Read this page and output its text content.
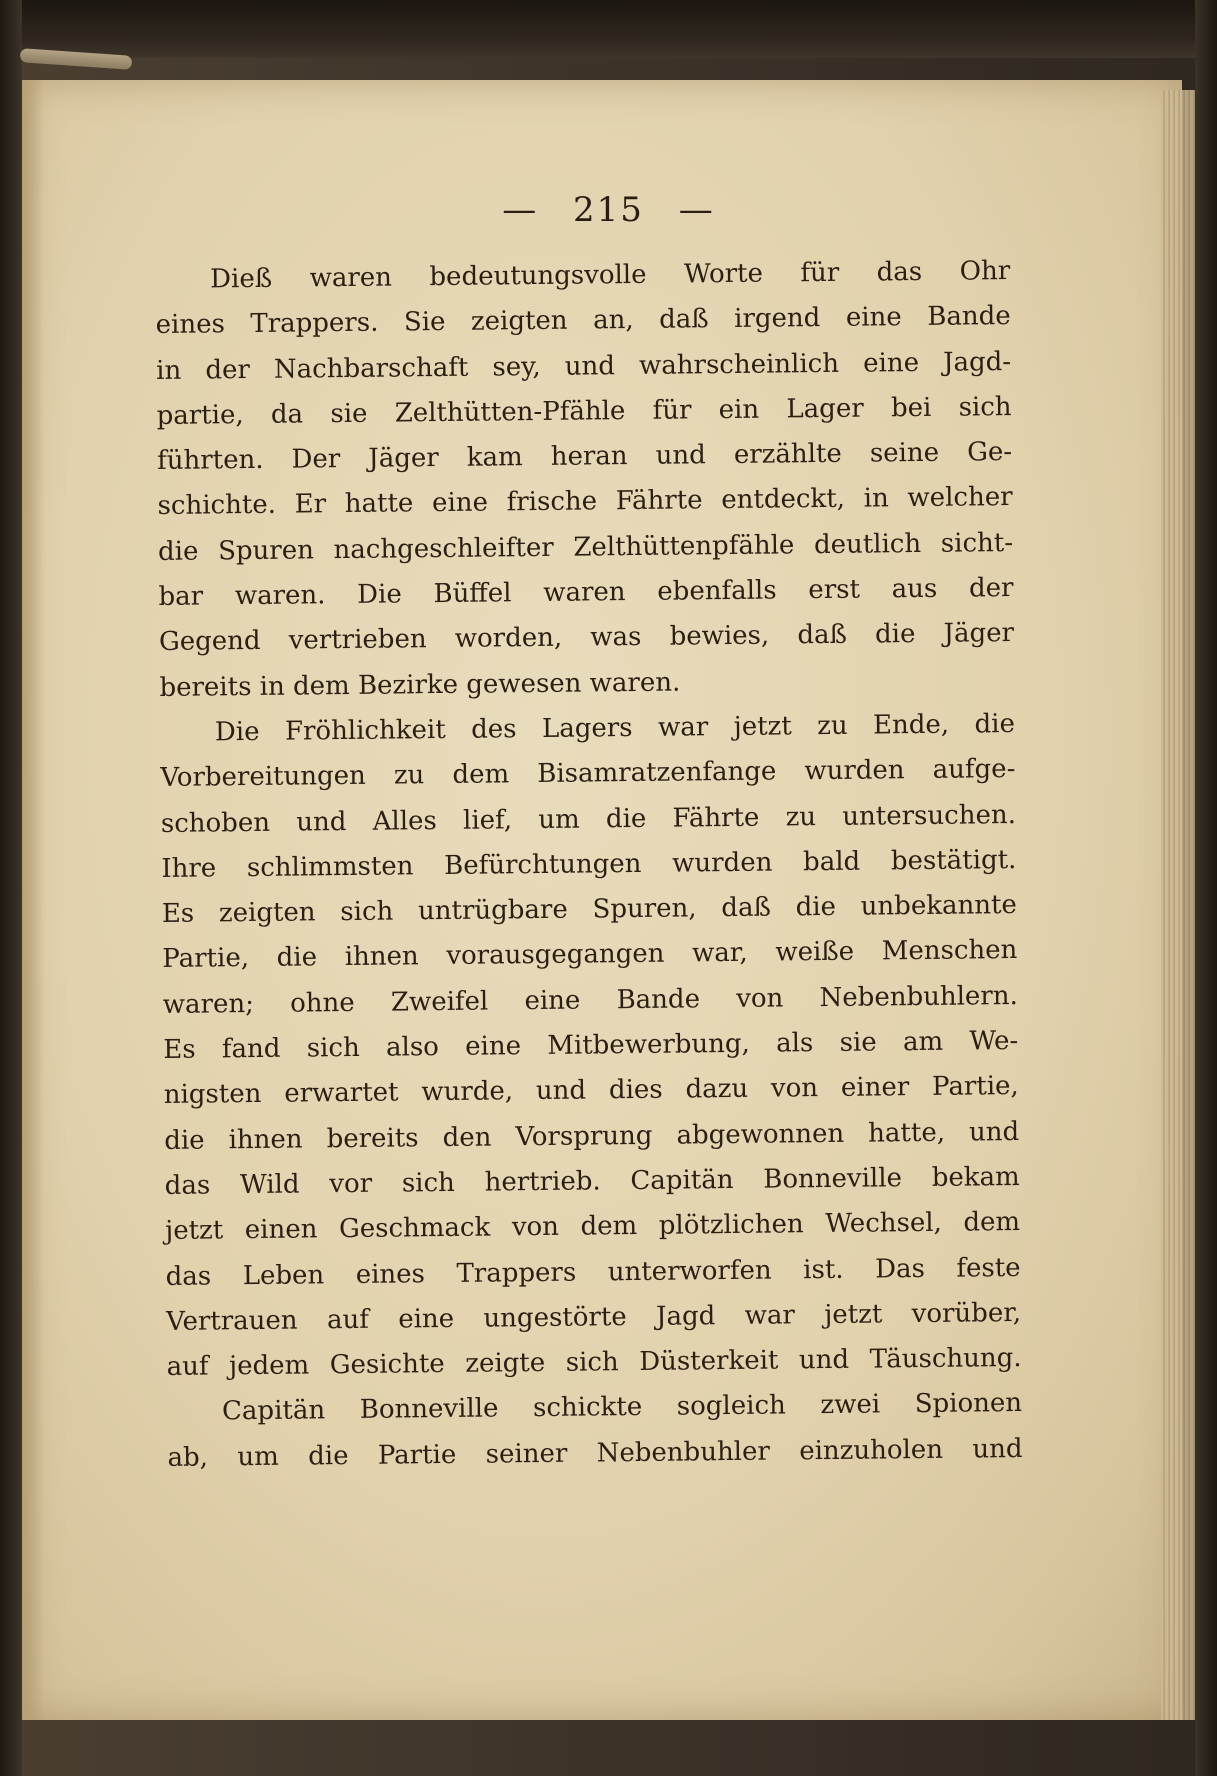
— 215 —
Dieß waren bedeutungsvolle Worte für das Ohr
eines Trappers. Sie zeigten an, daß irgend eine Bande
in der Nachbarschaft sey, und wahrscheinlich eine Jagd-
partie, da sie Zelthütten-Pfähle für ein Lager bei sich
führten. Der Jäger kam heran und erzählte seine Ge-
schichte. Er hatte eine frische Fährte entdeckt, in welcher
die Spuren nachgeschleifter Zelthüttenpfähle deutlich sicht-
bar waren. Die Büffel waren ebenfalls erst aus der
Gegend vertrieben worden, was bewies, daß die Jäger
bereits in dem Bezirke gewesen waren.
Die Fröhlichkeit des Lagers war jetzt zu Ende, die
Vorbereitungen zu dem Bisamratzenfange wurden aufge-
schoben und Alles lief, um die Fährte zu untersuchen.
Ihre schlimmsten Befürchtungen wurden bald bestätigt.
Es zeigten sich untrügbare Spuren, daß die unbekannte
Partie, die ihnen vorausgegangen war, weiße Menschen
waren; ohne Zweifel eine Bande von Nebenbuhlern.
Es fand sich also eine Mitbewerbung, als sie am We-
nigsten erwartet wurde, und dies dazu von einer Partie,
die ihnen bereits den Vorsprung abgewonnen hatte, und
das Wild vor sich hertrieb. Capitän Bonneville bekam
jetzt einen Geschmack von dem plötzlichen Wechsel, dem
das Leben eines Trappers unterworfen ist. Das feste
Vertrauen auf eine ungestörte Jagd war jetzt vorüber,
auf jedem Gesichte zeigte sich Düsterkeit und Täuschung.
Capitän Bonneville schickte sogleich zwei Spionen
ab, um die Partie seiner Nebenbuhler einzuholen und
